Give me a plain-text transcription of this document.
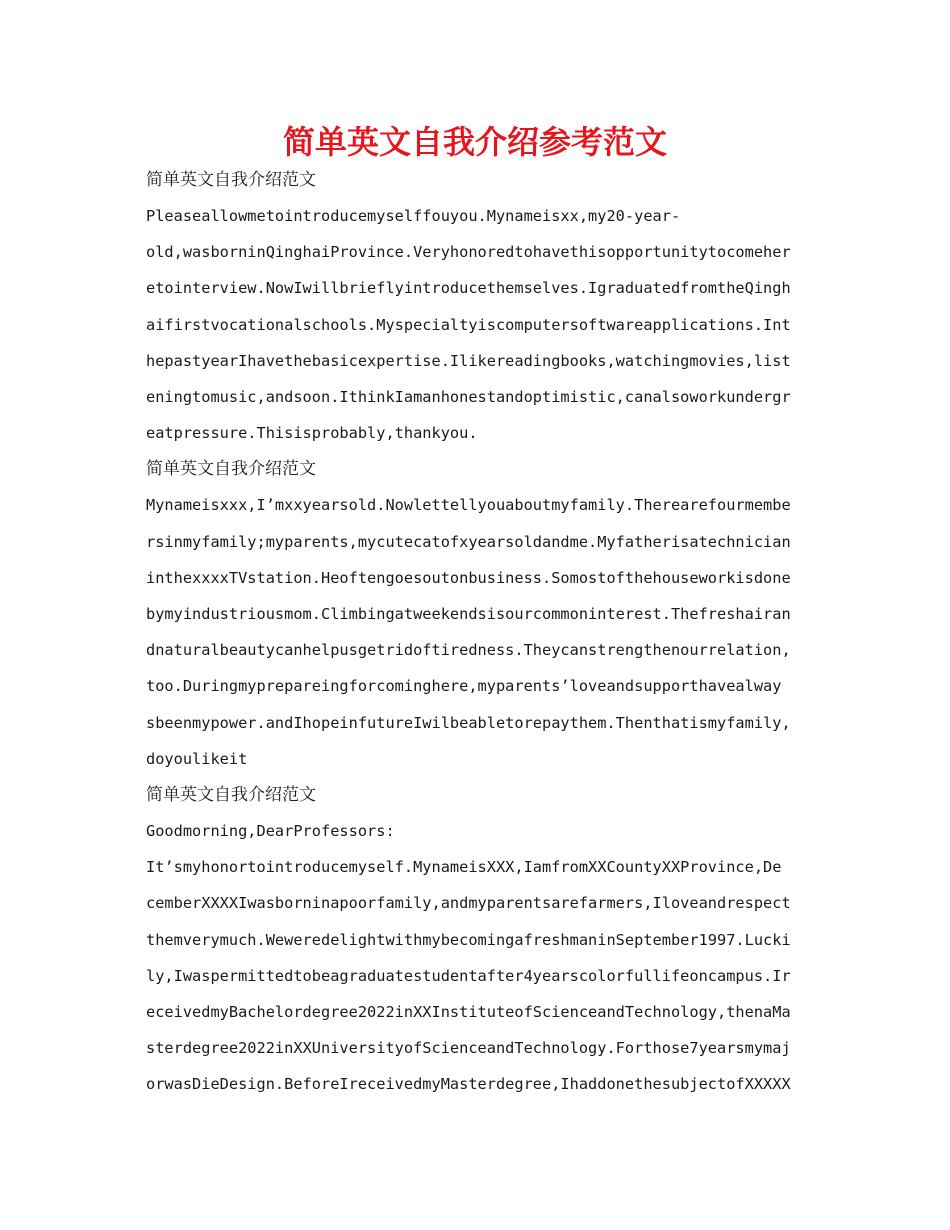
简单英文自我介绍参考范文

简单英文自我介绍范文

Pleaseallowmetointroducemyselffouyou.Mynameisxx,my20-year-

old,wasborninQinghaiProvince.Veryhonoredtohavethisopportunitytocomeher

etointerview.NowIwillbrieflyintroducethemselves.IgraduatedfromtheQingh

aifirstvocationalschools.Myspecialtyiscomputersoftwareapplications.Int

hepastyearIhavethebasicexpertise.Ilikereadingbooks,watchingmovies,list

eningtomusic,andsoon.IthinkIamanhonestandoptimistic,canalsoworkundergr

eatpressure.Thisisprobably,thankyou.

简单英文自我介绍范文

Mynameisxxx,I’mxxyearsold.Nowlettellyouaboutmyfamily.Therearefourmembe

rsinmyfamily;myparents,mycutecatofxyearsoldandme.Myfatherisatechnician

inthexxxxTVstation.Heoftengoesoutonbusiness.Somostofthehouseworkisdone

bymyindustriousmom.Climbingatweekendsisourcommoninterest.Thefreshairan

dnaturalbeautycanhelpusgetridoftiredness.Theycanstrengthenourrelation,

too.Duringmyprepareingforcominghere,myparents’loveandsupporthavealway

sbeenmypower.andIhopeinfutureIwilbeabletorepaythem.Thenthatismyfamily,

doyoulikeit

简单英文自我介绍范文

Goodmorning,DearProfessors:

It’smyhonortointroducemyself.MynameisXXX,IamfromXXCountyXXProvince,De

cemberXXXXIwasborninapoorfamily,andmyparentsarefarmers,Iloveandrespect

themverymuch.WeweredelightwithmybecomingafreshmaninSeptember1997.Lucki

ly,Iwaspermittedtobeagraduatestudentafter4yearscolorfullifeoncampus.Ir

eceivedmyBachelordegree2022inXXInstituteofScienceandTechnology,thenaMa

sterdegree2022inXXUniversityofScienceandTechnology.Forthose7yearsmymaj

orwasDieDesign.BeforeIreceivedmyMasterdegree,IhaddonethesubjectofXXXXX
